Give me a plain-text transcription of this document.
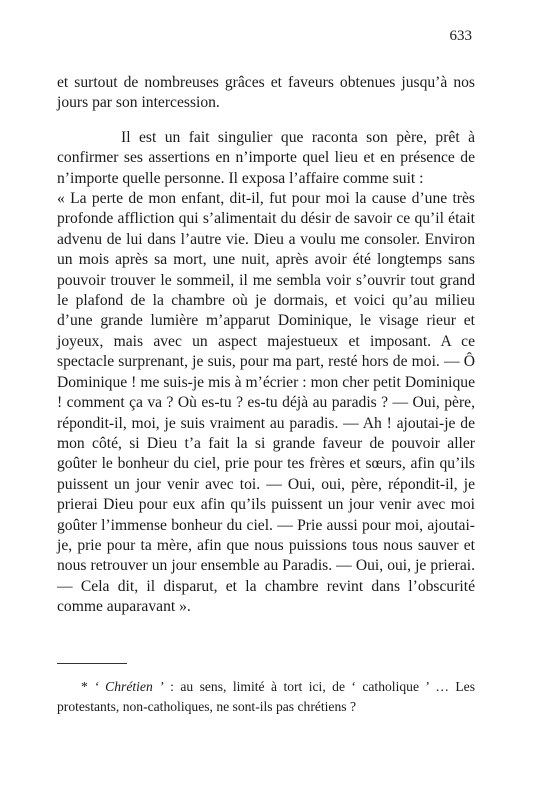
633

et surtout de nombreuses grâces et faveurs obtenues jusqu’à nos jours par son intercession.

Il est un fait singulier que raconta son père, prêt à confirmer ses assertions en n’importe quel lieu et en présence de n’importe quelle personne. Il exposa l’affaire comme suit :

« La perte de mon enfant, dit-il, fut pour moi la cause d’une très profonde affliction qui s’alimentait du désir de savoir ce qu’il était advenu de lui dans l’autre vie. Dieu a voulu me consoler. Environ un mois après sa mort, une nuit, après avoir été longtemps sans pouvoir trouver le sommeil, il me sembla voir s’ouvrir tout grand le plafond de la chambre où je dormais, et voici qu’au milieu d’une grande lumière m’apparut Dominique, le visage rieur et joyeux, mais avec un aspect majestueux et imposant. A ce spectacle surprenant, je suis, pour ma part, resté hors de moi. — Ô Dominique ! me suis-je mis à m’écrier : mon cher petit Dominique ! comment ça va ? Où es-tu ? es-tu déjà au paradis ? — Oui, père, répondit-il, moi, je suis vraiment au paradis. — Ah ! ajoutai-je de mon côté, si Dieu t’a fait la si grande faveur de pouvoir aller goûter le bonheur du ciel, prie pour tes frères et sœurs, afin qu’ils puissent un jour venir avec toi. — Oui, oui, père, répondit-il, je prierai Dieu pour eux afin qu’ils puissent un jour venir avec moi goûter l’immense bonheur du ciel. — Prie aussi pour moi, ajoutai-je, prie pour ta mère, afin que nous puissions tous nous sauver et nous retrouver un jour ensemble au Paradis. — Oui, oui, je prierai. — Cela dit, il disparut, et la chambre revint dans l’obscurité comme auparavant ».

* ‘ Chrétien ’ : au sens, limité à tort ici, de ‘ catholique ’ … Les protestants, non-catholiques, ne sont-ils pas chrétiens ?
